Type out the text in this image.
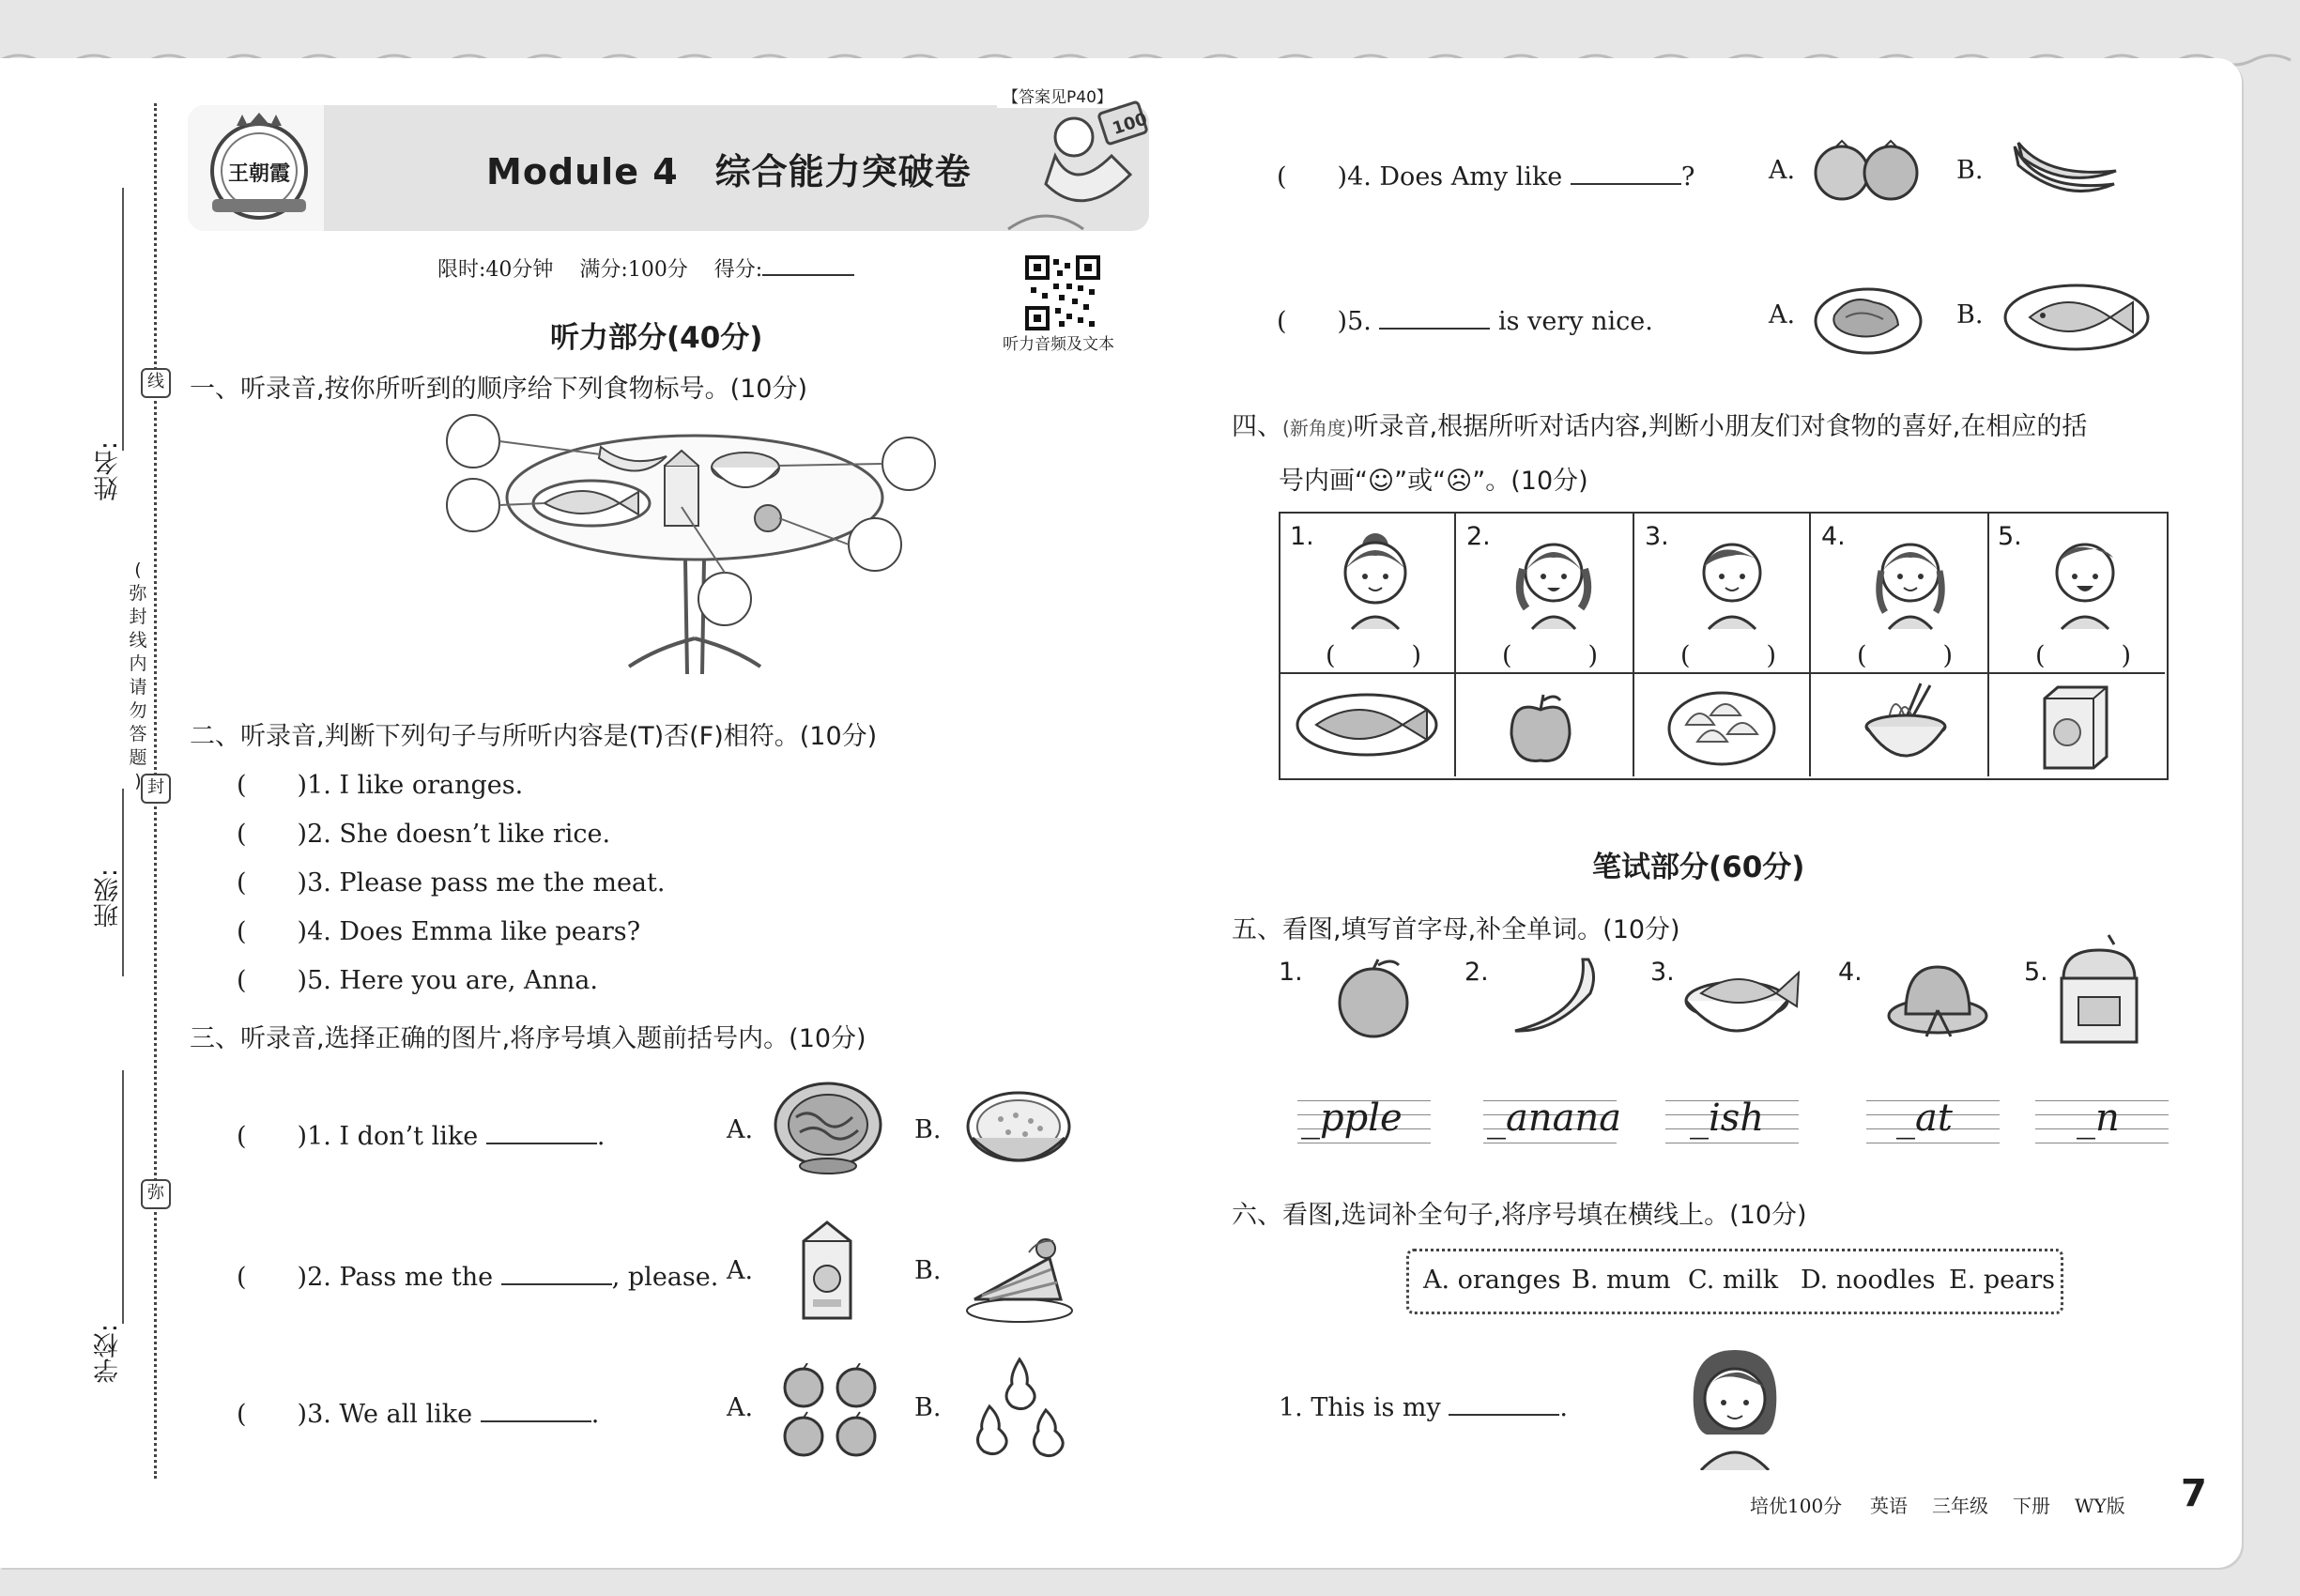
姓名:
班级:
学校:
线
封
弥
(
弥
封
线
内
请
勿
答
题
)
王朝霞
【答案见P40】
Module 4　综合能力突破卷
100
限时:40分钟 满分:100分 得分:
听力音频及文本
听力部分(40分)
一、听录音,按你所听到的顺序给下列食物标号。(10分)
二、听录音,判断下列句子与所听内容是(T)否(F)相符。(10分)
(　　)1. I like oranges.
(　　)2. She doesn’t like rice.
(　　)3. Please pass me the meat.
(　　)4. Does Emma like pears?
(　　)5. Here you are, Anna.
三、听录音,选择正确的图片,将序号填入题前括号内。(10分)
(　　)1. I don’t like	.	A.	B.
(　　)2. Pass me the	, please. A.	B.
(　　)3. We all like	.	A.	B.
(　　)4. Does Amy like	?	A.	B.
(　　)5.	is very nice.	A.	B.
四、(新角度)听录音,根据所听对话内容,判断小朋友们对食物的喜好,在相应的括
号内画“☺”或“☹”。(10分)
1.	2.	3.	4.	5.
(　　　)	(　　　)	(　　　)	(　　　)	(　　　)
笔试部分(60分)
五、看图,填写首字母,补全单词。(10分)
1.	2.	3.	4.	5.
_pple _anana _ish	_at	_n
六、看图,选词补全句子,将序号填在横线上。(10分)
A. oranges B. mum C. milk D. noodles E. pears
1. This is my	.
培优100分 英语 三年级 下册 WY版 7
